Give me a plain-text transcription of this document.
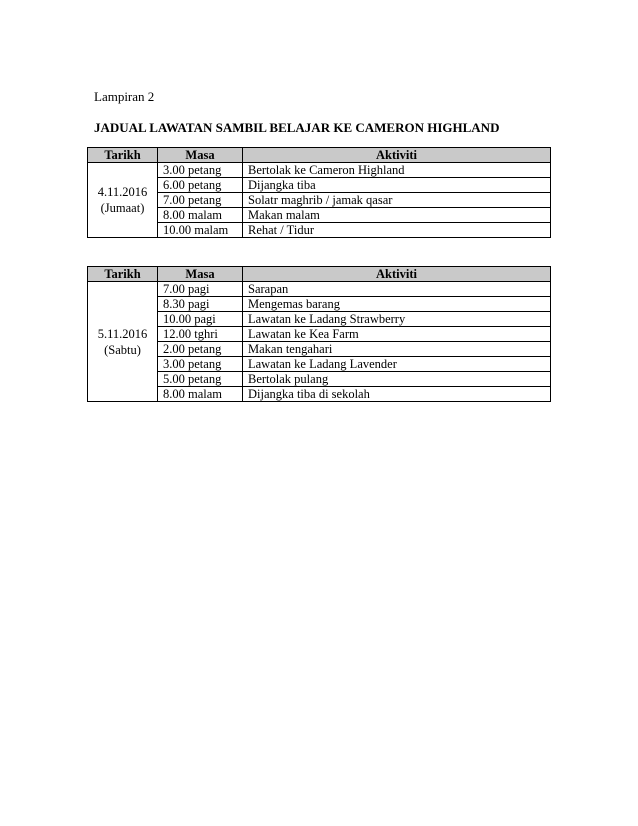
Lampiran 2
JADUAL LAWATAN SAMBIL BELAJAR KE CAMERON HIGHLAND
Tarikh	Masa	Aktiviti

4.11.2016
(Jumaat)	3.00 petang	Bertolak ke Cameron Highland
	6.00 petang	Dijangka tiba
	7.00 petang	Solatr maghrib / jamak qasar
	8.00 malam	Makan malam
	10.00 malam	Rehat / Tidur
Tarikh	Masa	Aktiviti

5.11.2016
(Sabtu)	7.00 pagi	Sarapan
	8.30 pagi	Mengemas barang
	10.00 pagi	Lawatan ke Ladang Strawberry
	12.00 tghri	Lawatan ke Kea Farm
	2.00 petang	Makan tengahari
	3.00 petang	Lawatan ke Ladang Lavender
	5.00 petang	Bertolak pulang
	8.00 malam	Dijangka tiba di sekolah
